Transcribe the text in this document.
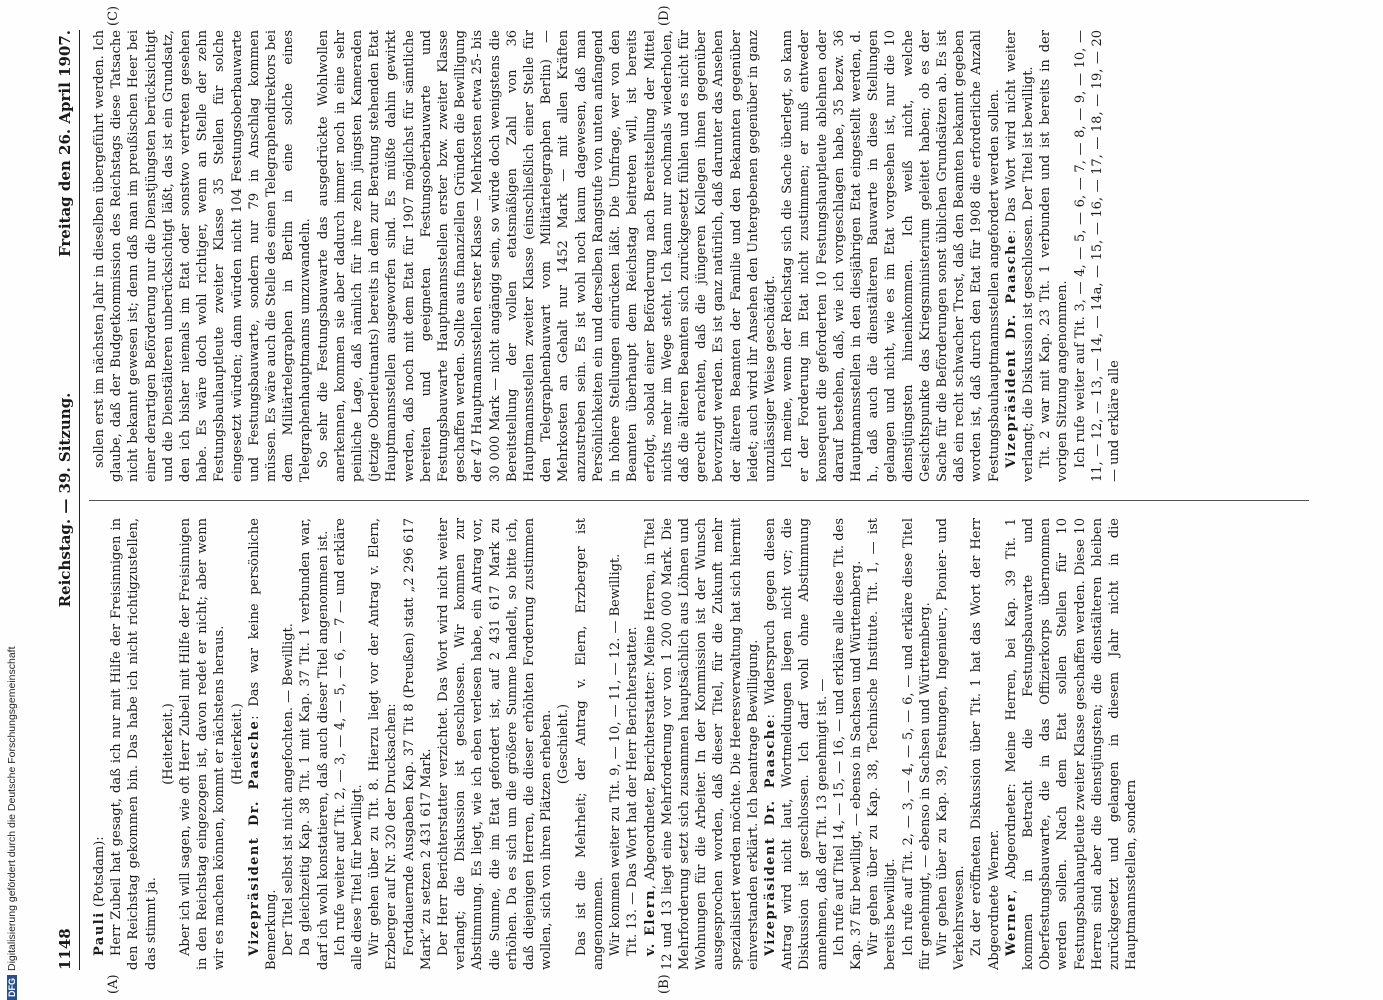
1148
Reichstag. — 39. Sitzung.
Freitag den 26. April 1907.
(A)	(B)
(C)	(D)

Pauli (Potsdam): Herr Zubeil hat gesagt, daß ich nur mit Hilfe der Freisinnigen in den Reichstag gekommen bin. Das habe ich nicht richtigzustellen, das stimmt ja.

(Heiterkeit.) Aber ich will sagen, wie oft Herr Zubeil mit Hilfe der Freisinnigen in den Reichstag eingezogen ist, davon redet er nicht; aber wenn wir es machen können, kommt er nächstens heraus. (Heiterkeit.) Vizepräsident Dr. Paasche: Das war keine persönliche Bemerkung. Der Titel selbst ist nicht angefochten. — Bewilligt. Da gleichzeitig Kap. 38 Tit. 1 mit Kap. 37 Tit. 1 verbunden war, darf ich wohl konstatieren, daß auch dieser Titel angenommen ist. Ich rufe weiter auf Tit. 2, — 3, — 4, — 5, — 6, — 7 — und erkläre alle diese Titel für bewilligt. Wir gehen über zu Tit. 8. Hierzu liegt vor der Antrag v. Elern, Erzberger auf Nr. 320 der Drucksachen: Fortdauernde Ausgaben Kap. 37 Tit 8 (Preußen) statt „2 296 617 Mark“ zu setzen 2 431 617 Mark. Der Herr Berichterstatter verzichtet. Das Wort wird nicht weiter verlangt; die Diskussion ist geschlossen. Wir kommen zur Abstimmung. Es liegt, wie ich eben verlesen habe, ein Antrag vor, die Summe, die im Etat gefordert ist, auf 2 431 617 Mark zu erhöhen. Da es sich um die größere Summe handelt, so bitte ich, daß diejenigen Herren, die dieser erhöhten Forderung zustimmen wollen, sich von ihren Plätzen erheben. (Geschieht.) Das ist die Mehrheit; der Antrag v. Elern, Erzberger ist angenommen. Wir kommen weiter zu Tit. 9, — 10, — 11, — 12. — Bewilligt. Tit. 13. — Das Wort hat der Herr Berichterstatter. v. Elern, Abgeordneter, Berichterstatter: Meine Herren, in Titel 12 und 13 liegt eine Mehrforderung vor von 1 200 000 Mark. Die Mehrforderung setzt sich zusammen hauptsächlich aus Löhnen und Wohnungen für die Arbeiter. In der Kommission ist der Wunsch ausgesprochen worden, daß dieser Titel, für die Zukunft mehr spezialisiert werden möchte. Die Heeresverwaltung hat sich hiermit einverstanden erklärt. Ich beantrage Bewilligung. Vizepräsident Dr. Paasche: Widerspruch gegen diesen Antrag wird nicht laut, Wortmeldungen liegen nicht vor; die Diskussion ist geschlossen. Ich darf wohl ohne Abstimmung annehmen, daß der Tit. 13 genehmigt ist. — Ich rufe auf Titel 14, — 15, — 16, — und erkläre alle diese Tit. des Kap. 37 für bewilligt, — ebenso in Sachsen und Württemberg. Wir gehen über zu Kap. 38, Technische Institute. Tit. 1, — ist bereits bewilligt. Ich rufe auf Tit. 2, — 3, — 4, — 5, — 6, — und erkläre diese Titel für genehmigt, — ebenso in Sachsen und Württemberg. Wir gehen über zu Kap. 39, Festungen, Ingenieur-, Pionier- und Verkehrswesen. Zu der eröffneten Diskussion über Tit. 1 hat das Wort der Herr Abgeordnete Werner. Werner, Abgeordneter: Meine Herren, bei Kap. 39 Tit. 1 kommen in Betracht die Festungsbauwarte und Oberfestungsbauwarte, die in das Offizierkorps übernommen werden sollen. Nach dem Etat sollen Stellen für 10 Festungsbauhauptleute zweiter Klasse geschaffen werden. Diese 10 Herren sind aber die dienstjüngsten; die dienstälteren bleiben zurückgesetzt und gelangen in diesem Jahr nicht in die Hauptmannsstellen, sondern

sollen erst im nächsten Jahr in dieselben übergeführt werden. Ich glaube, daß der Budgetkommission des Reichstags diese Tatsache nicht bekannt gewesen ist; denn daß man im preußischen Heer bei einer derartigen Beförderung nur die Dienstjüngsten berücksichtigt und die Dienstälteren unberücksichtigt läßt, das ist ein Grundsatz, den ich bisher niemals im Etat oder sonstwo vertreten gesehen habe. Es wäre doch wohl richtiger, wenn an Stelle der zehn Festungsbauhauptleute zweiter Klasse 35 Stellen für solche eingesetzt würden; dann würden nicht 104 Festungsoberbauwarte und Festungsbauwarte, sondern nur 79 in Anschlag kommen müssen. Es wäre auch die Stelle des einen Telegraphendirektors bei dem Militärtelegraphen in Berlin in eine solche eines Telegraphenhauptmanns umzuwandeln. So sehr die Festungsbauwarte das ausgedrückte Wohlwollen anerkennen, kommen sie aber dadurch immer noch in eine sehr peinliche Lage, daß nämlich für ihre zehn jüngsten Kameraden (jetzige Oberleutnants) bereits in dem zur Beratung stehenden Etat Hauptmannsstellen ausgeworfen sind. Es müßte dahin gewirkt werden, daß noch mit dem Etat für 1907 möglichst für sämtliche bereiten und geeigneten Festungsoberbauwarte und Festungsbauwarte Hauptmannsstellen erster bzw. zweiter Klasse geschaffen werden. Sollte aus finanziellen Gründen die Bewilligung der 47 Hauptmannsstellen erster Klasse — Mehrkosten etwa 25- bis 30 000 Mark — nicht angängig sein, so würde doch wenigstens die Bereitstellung der vollen etatsmäßigen Zahl von 36 Hauptmannsstellen zweiter Klasse (einschließlich einer Stelle für den Telegraphenbauwart vom Militärtelegraphen Berlin) — Mehrkosten an Gehalt nur 1452 Mark — mit allen Kräften anzustreben sein. Es ist wohl noch kaum dagewesen, daß man Persönlichkeiten ein und derselben Rangstufe von unten anfangend in höhere Stellungen einrücken läßt. Die Umfrage, wer von den Beamten überhaupt dem Reichstag beitreten will, ist bereits erfolgt, sobald einer Beförderung nach Bereitstellung der Mittel nichts mehr im Wege steht. Ich kann nur nochmals wiederholen, daß die älteren Beamten sich zurückgesetzt fühlen und es nicht für gerecht erachten, daß die jüngeren Kollegen ihnen gegenüber bevorzugt werden. Es ist ganz natürlich, daß darunter das Ansehen der älteren Beamten der Familie und den Bekannten gegenüber leidet; auch wird ihr Ansehen den Untergebenen gegenüber in ganz unzulässiger Weise geschädigt. Ich meine, wenn der Reichstag sich die Sache überlegt, so kann er der Forderung im Etat nicht zustimmen; er muß entweder konsequent die geforderten 10 Festungshauptleute ablehnen oder darauf bestehen, daß, wie ich vorgeschlagen habe, 35 bezw. 36 Hauptmannsstellen in den diesjährigen Etat eingestellt werden, d. h., daß auch die dienstälteren Bauwarte in diese Stellungen gelangen und nicht, wie es im Etat vorgesehen ist, nur die 10 dienstjüngsten hineinkommen. Ich weiß nicht, welche Gesichtspunkte das Kriegsministerium geleitet haben; ob es der Sache für die Beförderungen sonst üblichen Grundsätzen ab. Es ist daß ein recht schwacher Trost, daß den Beamten bekannt gegeben worden ist, daß durch den Etat für 1908 die erforderliche Anzahl Festungsbauhauptmannsstellen angefordert werden sollen. Vizepräsident Dr. Paasche: Das Wort wird nicht weiter verlangt; die Diskussion ist geschlossen. Der Titel ist bewilligt. Tit. 2 war mit Kap. 23 Tit. 1 verbunden und ist bereits in der vorigen Sitzung angenommen. Ich rufe weiter auf Tit. 3, — 4, — 5, — 6, — 7, — 8, — 9, — 10, — 11, — 12, — 13, — 14, — 14a, — 15, — 16, — 17, — 18, — 19, — 20 — und erkläre alle

DFGDigitalisierung gefördert durch die Deutsche Forschungsgemeinschaft
